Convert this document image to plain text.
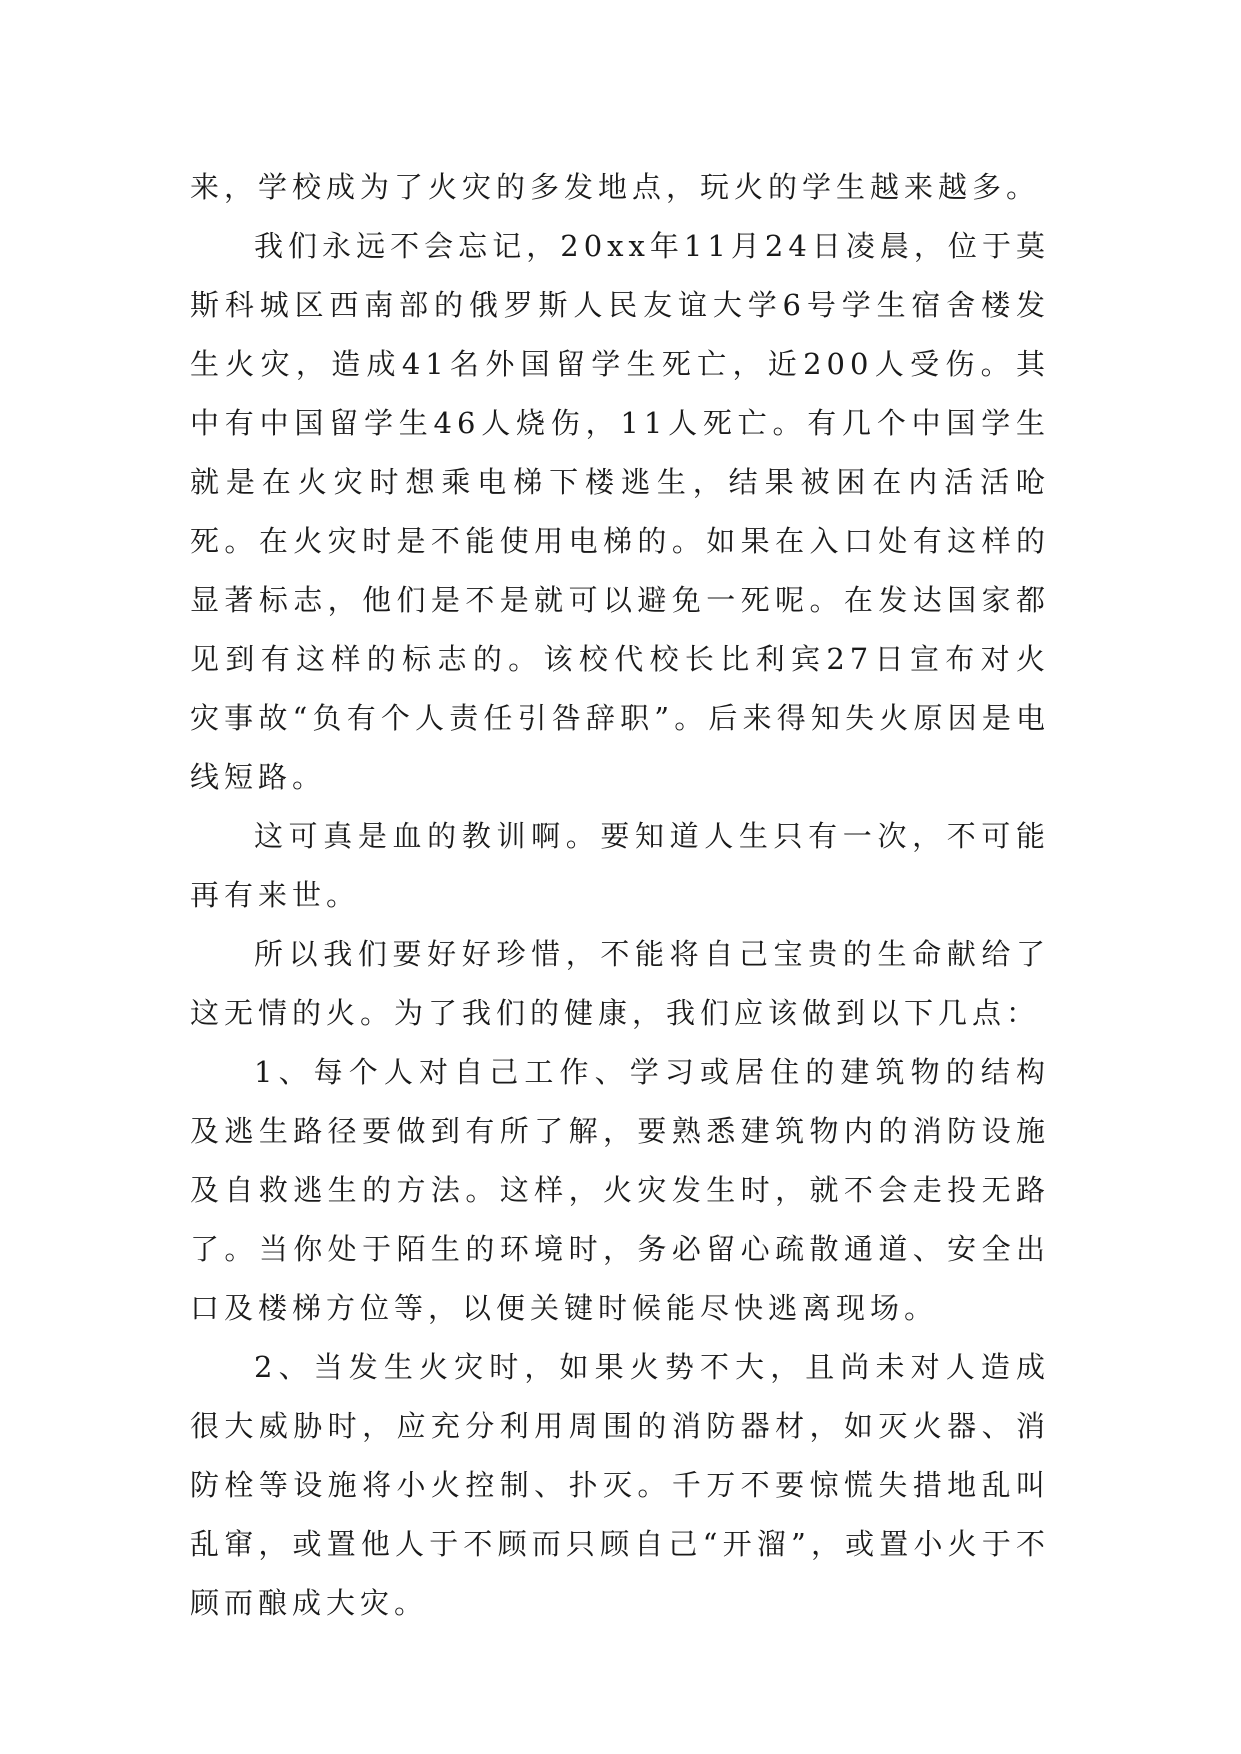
来，学校成为了火灾的多发地点，玩火的学生越来越多。

我们永远不会忘记，20xx年11月24日凌晨，位于莫斯科城区西南部的俄罗斯人民友谊大学6号学生宿舍楼发生火灾，造成41名外国留学生死亡，近200人受伤。其中有中国留学生46人烧伤，11人死亡。有几个中国学生就是在火灾时想乘电梯下楼逃生，结果被困在内活活呛死。在火灾时是不能使用电梯的。如果在入口处有这样的显著标志，他们是不是就可以避免一死呢。在发达国家都见到有这样的标志的。该校代校长比利宾27日宣布对火灾事故“负有个人责任引咎辞职”。后来得知失火原因是电线短路。

这可真是血的教训啊。要知道人生只有一次，不可能再有来世。

所以我们要好好珍惜，不能将自己宝贵的生命献给了这无情的火。为了我们的健康，我们应该做到以下几点：

1、每个人对自己工作、学习或居住的建筑物的结构及逃生路径要做到有所了解，要熟悉建筑物内的消防设施及自救逃生的方法。这样，火灾发生时，就不会走投无路了。当你处于陌生的环境时，务必留心疏散通道、安全出口及楼梯方位等，以便关键时候能尽快逃离现场。

2、当发生火灾时，如果火势不大，且尚未对人造成很大威胁时，应充分利用周围的消防器材，如灭火器、消防栓等设施将小火控制、扑灭。千万不要惊慌失措地乱叫乱窜，或置他人于不顾而只顾自己“开溜”，或置小火于不顾而酿成大灾。
